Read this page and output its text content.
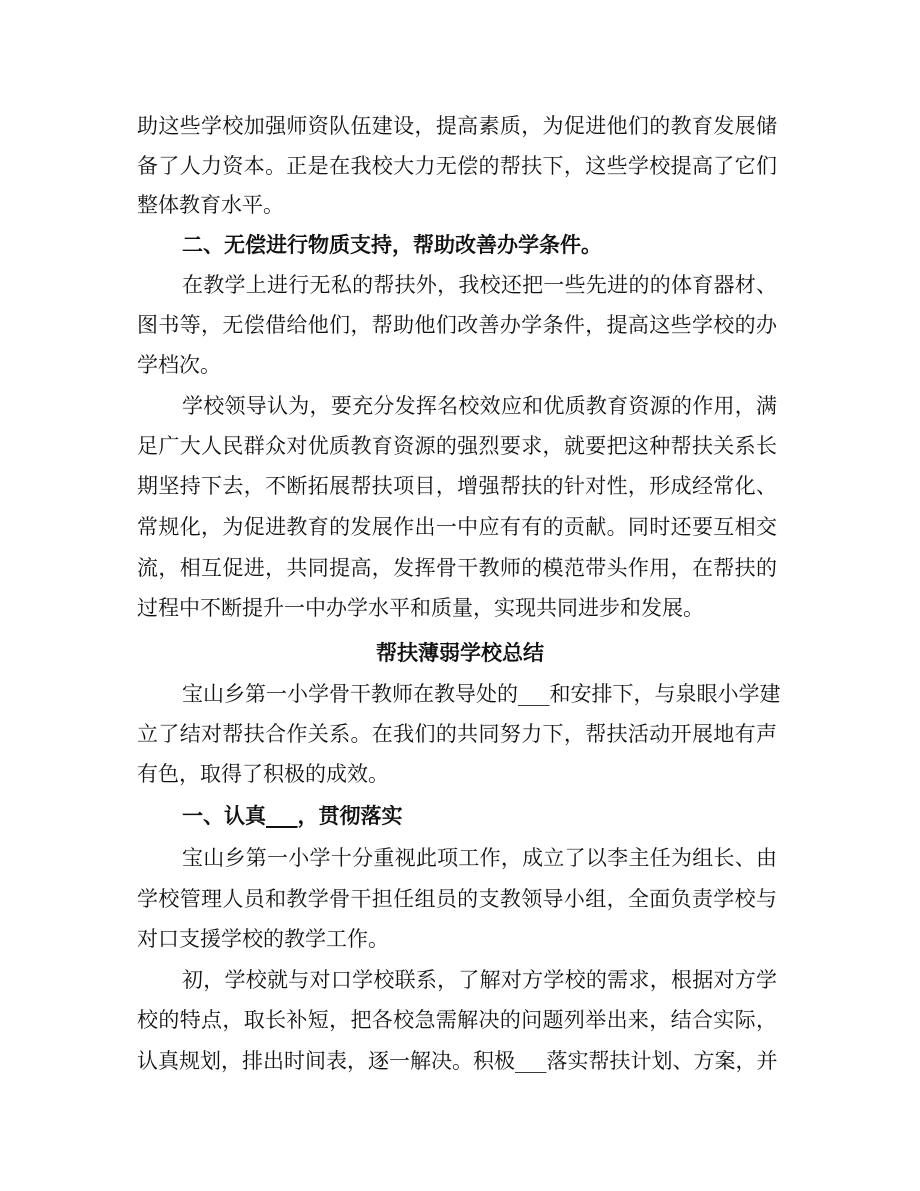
助这些学校加强师资队伍建设，提高素质，为促进他们的教育发展储
备了人力资本。正是在我校大力无偿的帮扶下，这些学校提高了它们
整体教育水平。
二、无偿进行物质支持，帮助改善办学条件。
在教学上进行无私的帮扶外，我校还把一些先进的的体育器材、
图书等，无偿借给他们，帮助他们改善办学条件，提高这些学校的办
学档次。
学校领导认为，要充分发挥名校效应和优质教育资源的作用，满
足广大人民群众对优质教育资源的强烈要求，就要把这种帮扶关系长
期坚持下去，不断拓展帮扶项目，增强帮扶的针对性，形成经常化、
常规化，为促进教育的发展作出一中应有有的贡献。同时还要互相交
流，相互促进，共同提高，发挥骨干教师的模范带头作用，在帮扶的
过程中不断提升一中办学水平和质量，实现共同进步和发展。
帮扶薄弱学校总结
宝山乡第一小学骨干教师在教导处的___和安排下，与泉眼小学建
立了结对帮扶合作关系。在我们的共同努力下，帮扶活动开展地有声
有色，取得了积极的成效。
一、认真___，贯彻落实
宝山乡第一小学十分重视此项工作，成立了以李主任为组长、由
学校管理人员和教学骨干担任组员的支教领导小组，全面负责学校与
对口支援学校的教学工作。
初，学校就与对口学校联系，了解对方学校的需求，根据对方学
校的特点，取长补短，把各校急需解决的问题列举出来，结合实际，
认真规划，排出时间表，逐一解决。积极___落实帮扶计划、方案，并
